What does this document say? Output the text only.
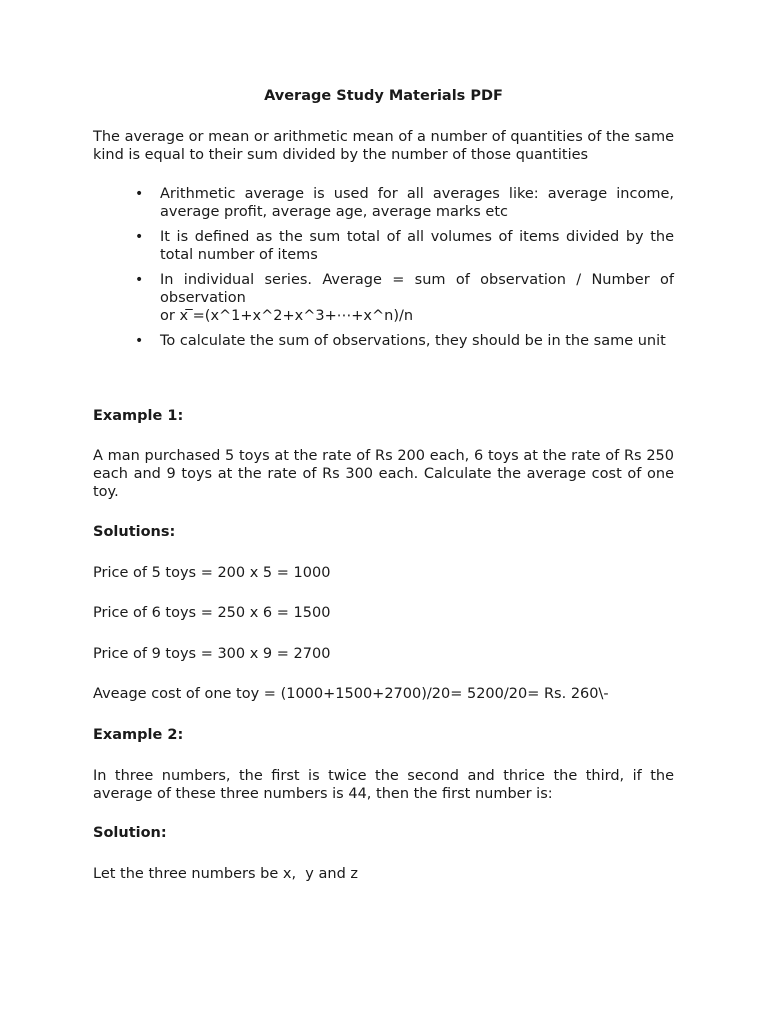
Average Study Materials PDF
The average or mean or arithmetic mean of a number of quantities of the same kind is equal to their sum divided by the number of those quantities
• Arithmetic average is used for all averages like: average income, average profit, average age, average marks etc
• It is defined as the sum total of all volumes of items divided by the total number of items
• In individual series. Average = sum of observation / Number of observation
or x ̅=(x^1+x^2+x^3+⋯+x^n)/n
• To calculate the sum of observations, they should be in the same unit
Example 1:
A man purchased 5 toys at the rate of Rs 200 each, 6 toys at the rate of Rs 250 each and 9 toys at the rate of Rs 300 each. Calculate the average cost of one toy.
Solutions:
Price of 5 toys = 200 x 5 = 1000
Price of 6 toys = 250 x 6 = 1500
Price of 9 toys = 300 x 9 = 2700
Aveage cost of one toy = (1000+1500+2700)/20= 5200/20= Rs. 260\-
Example 2:
In three numbers, the first is twice the second and thrice the third, if the average of these three numbers is 44, then the first number is:
Solution:
Let the three numbers be x,  y and z
